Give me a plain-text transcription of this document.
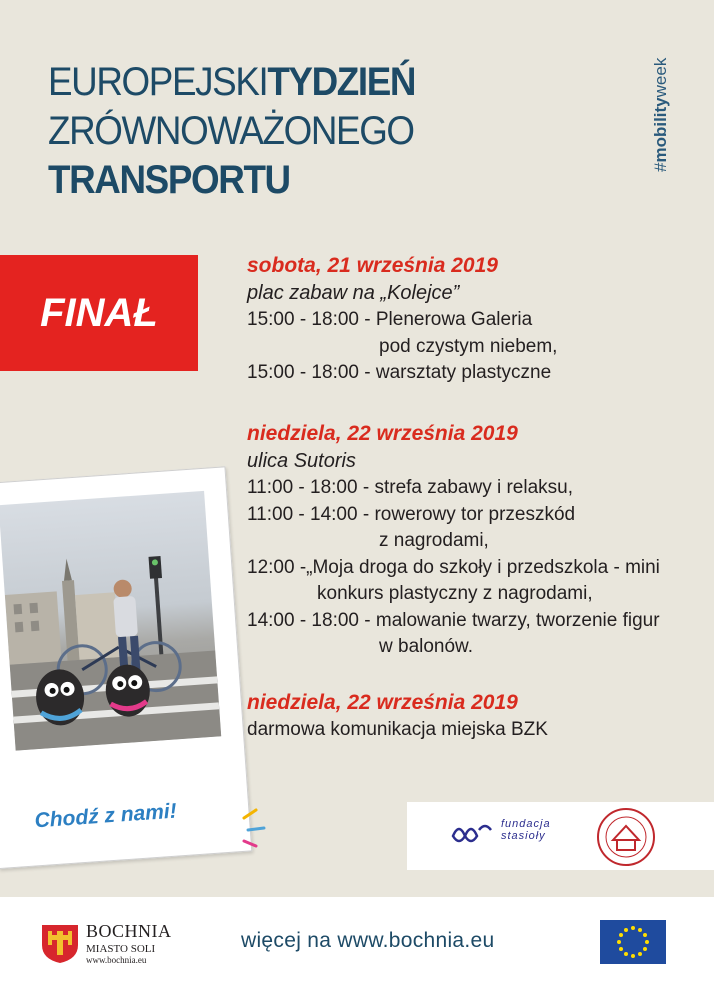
EUROPEJSKITYDZIEŃ
ZRÓWNOWAŻONEGO
TRANSPORTU	#mobilityweek
FINAŁ
sobota, 21 września 2019
plac zabaw na „Kolejce”
15:00 - 18:00 - Plenerowa Galeria
pod czystym niebem,
15:00 - 18:00 - warsztaty plastyczne
niedziela, 22 września 2019
ulica Sutoris
11:00 - 18:00 - strefa zabawy i relaksu,
11:00 - 14:00 - rowerowy tor przeszkód
z nagrodami,
12:00 -„Moja droga do szkoły i przedszkola - mini
konkurs plastyczny z nagrodami,
14:00 - 18:00 - malowanie twarzy, tworzenie figur
w balonów.
niedziela, 22 września 2019
darmowa komunikacja miejska BZK
Chodź z nami!	fundacja
stasioły
BOCHNIA
MIASTO SOLI
www.bochnia.eu
więcej na www.bochnia.eu
